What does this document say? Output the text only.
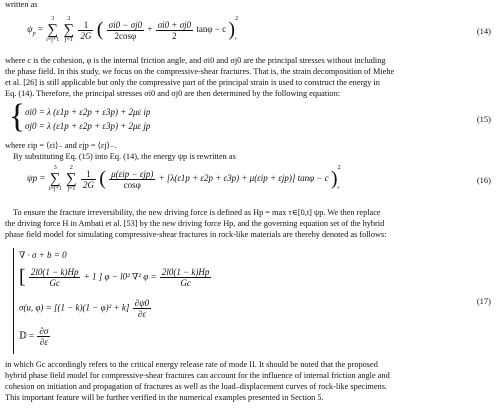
written as
$\psi_p = 3$
∑
i=j+1 2
∑
$j=1 \frac{1}{2G}$ ( $\frac{\sigma i0 - \sigma j0}{2\cos\varphi} + \frac{\sigma i0 + \sigma j0}{2}$ tanφ − c )$^2_+$
(14)
where c is the cohesion, φ is the internal friction angle, and σi0 and σj0 are the principal stresses without including
the phase field. In this study, we focus on the compressive-shear fractures. That is, the strain decomposition of Miehe
et al. [26] is still applicable but only the compressive part of the principal strain is used to construct the energy in
Eq. (14). Therefore, the principal stresses σi0 and σj0 are then determined by the following equation:
{ σi0 = λ (ε1p + ε2p + ε3p) + 2με ip
σj0 = λ (ε1p + ε2p + ε3p) + 2με jp
(15)
where εip = ⟨εi⟩₋ and εjp = ⟨εj⟩₋.
By substituting Eq. (15) into Eq. (14), the energy ψp is rewritten as
ψp = 3
∑
i=j+1 2
∑
$j=1 \frac{1}{2G}$ ( $\frac{\text{μ(εip − εjp)}}{\cos\varphi} + [\lambda(\varepsilon 1p + \varepsilon 2p + \varepsilon 3p) + \mu(\varepsilon ip + \varepsilon jp)] \tan\varphi - c$ )$^2_+$
(16)
To ensure the fracture irreversibility, the new driving force is defined as Hp = max τ∈[0,t] ψp. We then replace
the driving force H in Ambati et al. [53] by the new driving force Hp, and the governing equation set of the hybrid
phase field model for simulating compressive-shear fractures in rock-like materials are thereby denoted as follows:
∇ · σ + b = 0
[ $\frac{2l0(1 - k)Hp}{Gc} + 1$ ] φ − l0² ∇² $\varphi = \frac{2l0(1 - k)Hp}{Gc}$
σ(u, $\varphi) = [(1 - k)(1 - \varphi)^2 + k] \frac{\partial\psi 0}{\partial\varepsilon}$
𝔻 = $\frac{\partial\sigma}{\partial\varepsilon}$
(17)
in which Gc accordingly refers to the critical energy release rate of mode II. It should be noted that the proposed
hybrid phase field model for compressive-shear fractures can account for the influence of internal friction angle and
cohesion on initiation and propagation of fractures as well as the load–displacement curves of rock-like specimens.
This important feature will be further verified in the numerical examples presented in Section 5.
